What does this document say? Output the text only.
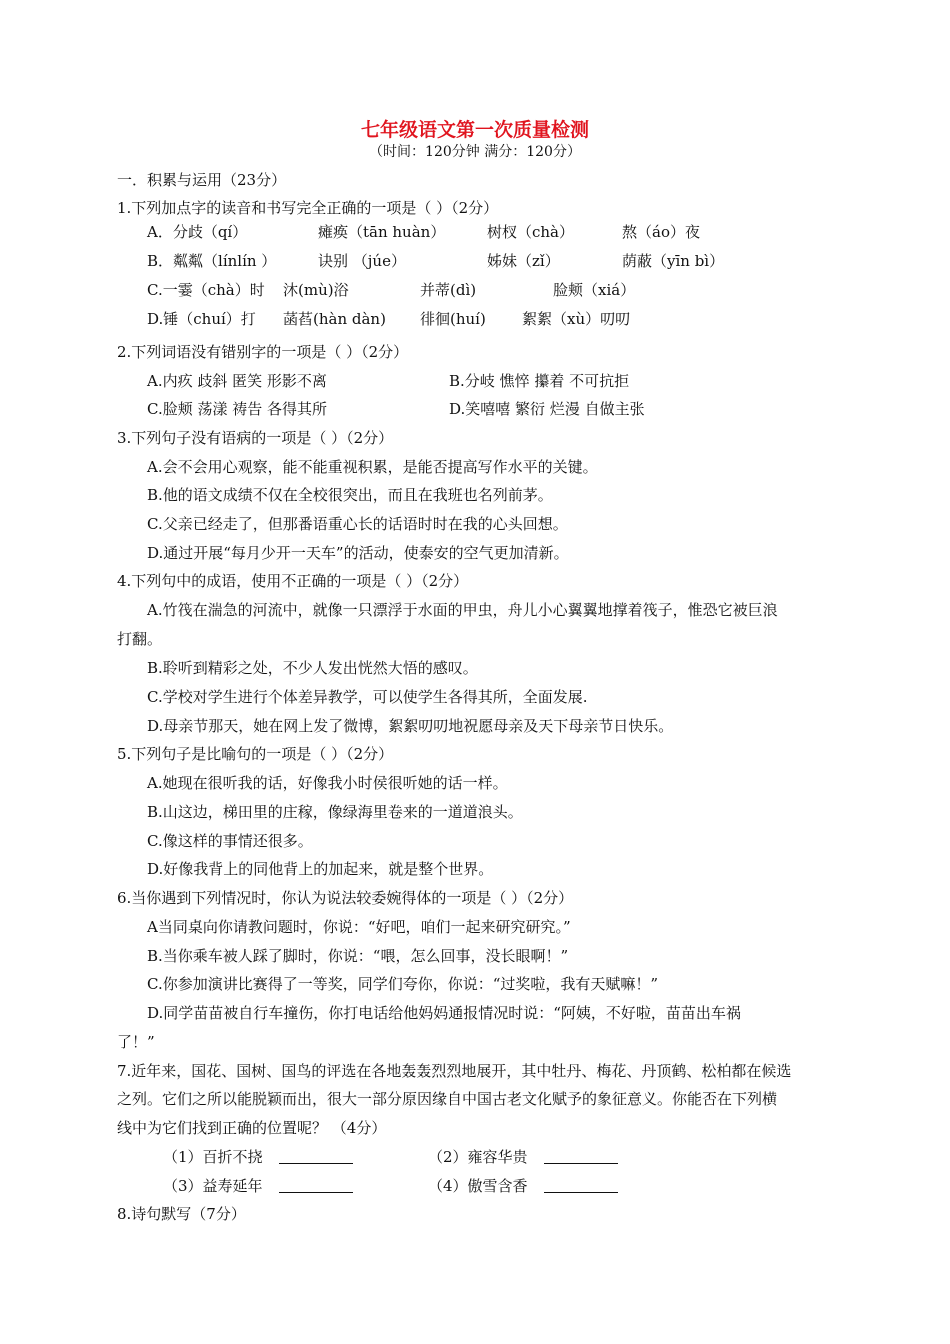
七年级语文第一次质量检测
（时间：120分钟 满分：120分）
一．积累与运用（23分）
1.下列加点字的读音和书写完全正确的一项是（ ）（2分）
A．分歧（qí）	瘫痪（tān huàn）	树杈（chà）	熬（áo）夜
B．粼粼（línlín ）	诀别 （júe）	姊妹（zǐ）	荫蔽（yīn bì）
C.一霎（chà）时 沐(mù)浴	并蒂(dì)	脸颊（xiá）
D.锤（chuí）打 菡萏(hàn dàn) 徘徊(huí) 絮絮（xù）叨叨
2.下列词语没有错别字的一项是（ ）（2分）
A.内疚 歧斜 匿笑 形影不离	B.分岐 憔悴 攥着 不可抗拒
C.脸颊 荡漾 祷告 各得其所	D.笑嘻嘻 繁衍 烂漫 自做主张
3.下列句子没有语病的一项是（ ）（2分）
A.会不会用心观察，能不能重视积累，是能否提高写作水平的关键。
B.他的语文成绩不仅在全校很突出，而且在我班也名列前茅。
C.父亲已经走了，但那番语重心长的话语时时在我的心头回想。
D.通过开展“每月少开一天车”的活动，使泰安的空气更加清新。
4.下列句中的成语，使用不正确的一项是（ ）（2分）
A.竹筏在湍急的河流中，就像一只漂浮于水面的甲虫，舟儿小心翼翼地撑着筏子，惟恐它被巨浪
打翻。
B.聆听到精彩之处，不少人发出恍然大悟的感叹。
C.学校对学生进行个体差异教学，可以使学生各得其所，全面发展.
D.母亲节那天，她在网上发了微博，絮絮叨叨地祝愿母亲及天下母亲节日快乐。
5.下列句子是比喻句的一项是（ ）（2分）
A.她现在很听我的话，好像我小时侯很听她的话一样。
B.山这边，梯田里的庄稼，像绿海里卷来的一道道浪头。
C.像这样的事情还很多。
D.好像我背上的同他背上的加起来，就是整个世界。
6.当你遇到下列情况时，你认为说法较委婉得体的一项是（ ）（2分）
A当同桌向你请教问题时，你说：“好吧，咱们一起来研究研究。”
B.当你乘车被人踩了脚时，你说：“喂，怎么回事，没长眼啊！”
C.你参加演讲比赛得了一等奖，同学们夸你，你说：“过奖啦，我有天赋嘛！”
D.同学苗苗被自行车撞伤，你打电话给他妈妈通报情况时说：“阿姨，不好啦，苗苗出车祸
了！”
7.近年来，国花、国树、国鸟的评选在各地轰轰烈烈地展开，其中牡丹、梅花、丹顶鹤、松柏都在候选
之列。它们之所以能脱颖而出，很大一部分原因缘自中国古老文化赋予的象征意义。你能否在下列横
线中为它们找到正确的位置呢？ （4分）
（1）百折不挠	（2）雍容华贵
（3）益寿延年	（4）傲雪含香
8.诗句默写（7分）
